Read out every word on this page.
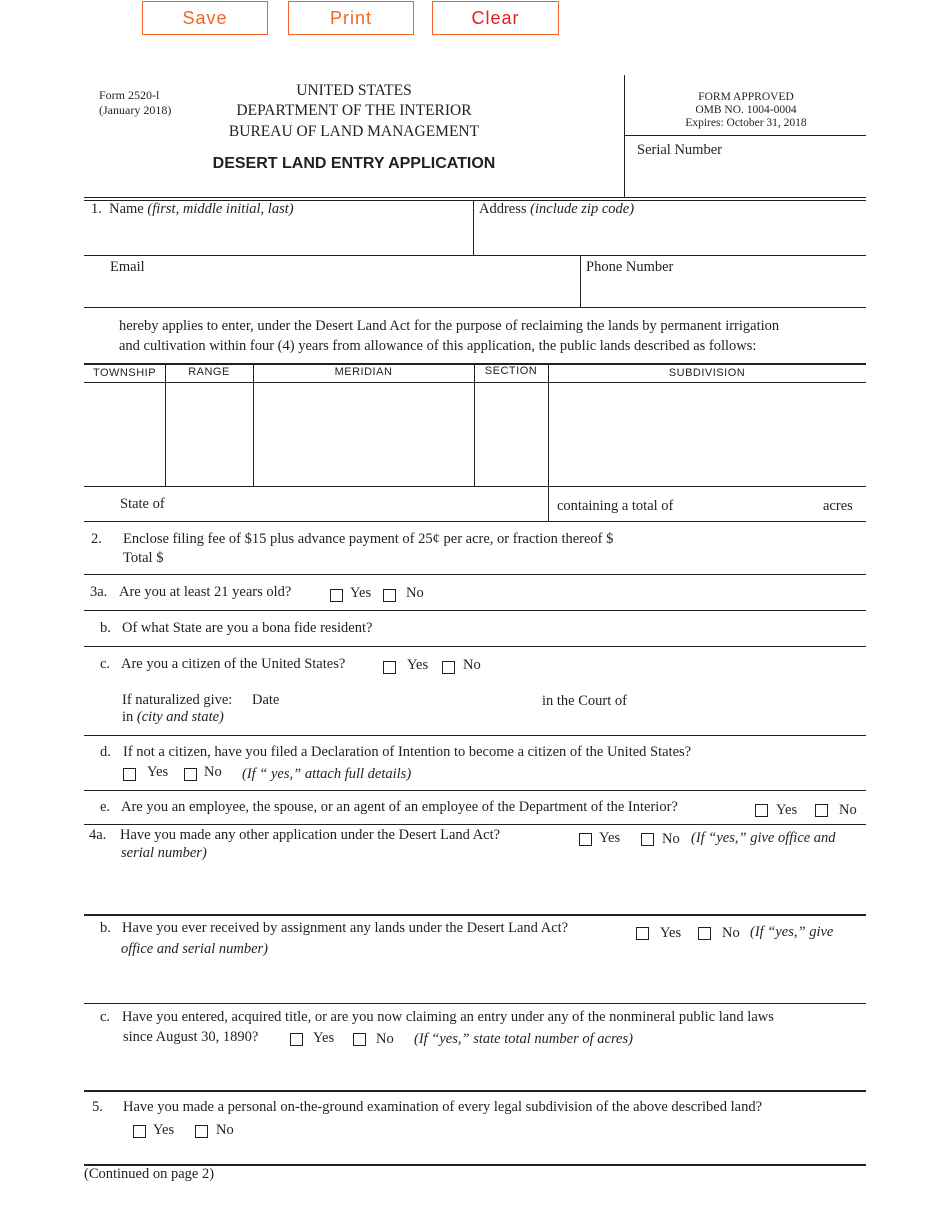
Save	Print	Clear
Form 2520-l
(January 2018)
UNITED STATES
DEPARTMENT OF THE INTERIOR
BUREAU OF LAND MANAGEMENT
DESERT LAND ENTRY APPLICATION
FORM APPROVED
OMB NO. 1004-0004
Expires: October 31, 2018
Serial Number
1. Name (first, middle initial, last)	Address (include zip code)
Email	Phone Number
hereby applies to enter, under the Desert Land Act for the purpose of reclaiming the lands by permanent irrigation
and cultivation within four (4) years from allowance of this application, the public lands described as follows:
TOWNSHIP	RANGE	MERIDIAN	SECTION	SUBDIVISION
State of	containing a total of	acres
2. Enclose filing fee of $15 plus advance payment of 25¢ per acre, or fraction thereof $
Total $
3a. Are you at least 21 years old?	Yes No
b. Of what State are you a bona fide resident?
c. Are you a citizen of the United States?	Yes No
If naturalized give: Date	in the Court of
in (city and state)
d. If not a citizen, have you filed a Declaration of Intention to become a citizen of the United States?
Yes No (If “ yes,” attach full details)
e. Are you an employee, the spouse, or an agent of an employee of the Department of the Interior?	Yes	No
4a. Have you made any other application under the Desert Land Act?	Yes	No (If “yes,” give office and
serial number)
b. Have you ever received by assignment any lands under the Desert Land Act?	Yes	No (If “yes,” give
office and serial number)
c. Have you entered, acquired title, or are you now claiming an entry under any of the nonmineral public land laws
since August 30, 1890?	Yes	No (If “yes,” state total number of acres)
5. Have you made a personal on-the-ground examination of every legal subdivision of the above described land?
Yes	No
(Continued on page 2)
